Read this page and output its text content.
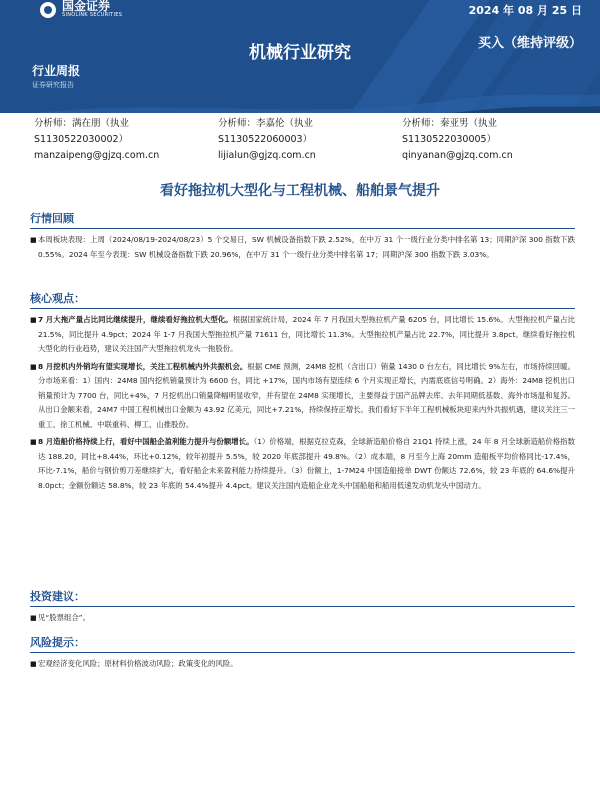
国金证券
SINOLINK SECURITIES	2024 年 08 月 25 日
机械行业研究	买入（维持评级）
行业周报
证券研究报告
分析师：满在朋（执业
S1130522030002）
manzaipeng@gjzq.com.cn
分析师：李嘉伦（执业
S1130522060003）
lijialun@gjzq.com.cn
分析师：秦亚男（执业
S1130522030005）
qinyanan@gjzq.com.cn
看好拖拉机大型化与工程机械、船舶景气提升
行情回顾
■ 本周板块表现：上周（2024/08/19-2024/08/23）5 个交易日，SW 机械设备指数下跌 2.52%，在中万 31 个一级行业分类中排名第 13；同期沪深 300 指数下跌 0.55%。2024 年至今表现：SW 机械设备指数下跌 20.96%，在中万 31 个一级行业分类中排名第 17；同期沪深 300 指数下跌 3.03%。
核心观点：
■ 7 月大拖产量占比同比继续提升，继续看好拖拉机大型化。根据国家统计局，2024 年 7 月我国大型拖拉机产量 6205 台，同比增长 15.6%。大型拖拉机产量占比 21.5%，同比提升 4.9pct；2024 年 1-7 月我国大型拖拉机产量 71611 台，同比增长 11.3%。大型拖拉机产量占比 22.7%，同比提升 3.8pct。继续看好拖拉机大型化的行业趋势，建议关注国产大型拖拉机龙头一拖股份。
■ 8 月挖机内外销均有望实现增长，关注工程机械内外共振机会。根据 CME 预测，24M8 挖机（含出口）销量 1430 0 台左右，同比增长 9%左右，市场持续回暖。分市场来看：1）国内：24M8 国内挖机销量预计为 6600 台，同比 +17%，国内市场有望连续 6 个月实现正增长，内需底底信号明确。2）海外：24M8 挖机出口销量预计为 7700 台，同比+4%，7 月挖机出口销量降幅明显收窄，并有望在 24M8 实现增长，主要得益于国产品牌去库、去年同期低基数、海外市场温和复苏。从出口金额来看，24M7 中国工程机械出口金额为 43.92 亿美元，同比+7.21%，持续保持正增长。我们看好下半年工程机械板块迎来内外共振机遇，建议关注三一重工、徐工机械、中联重科、柳工、山推股份。
■ 8 月造船价格持续上行，看好中国船企盈利能力提升与份额增长。（1）价格端，根据克拉克森，全球新造船价格自 21Q1 持续上涨，24 年 8 月全球新造船价格指数达 188.20，同比+8.44%，环比+0.12%，较年初提升 5.5%，较 2020 年底部提升 49.8%。（2）成本端，8 月至今上海 20mm 造船板平均价格同比-17.4%，环比-7.1%，船价与钢价剪刀差继续扩大，看好船企未来盈利能力持续提升。（3）份额上，1-7M24 中国造船接单 DWT 份额达 72.6%，较 23 年底的 64.6%提升 8.0pct；金额份额达 58.8%，较 23 年底的 54.4%提升 4.4pct。建议关注国内造船企业龙头中国船舶和船用低速发动机龙头中国动力。
投资建议：
■ 见“股票组合”。
风险提示：
■ 宏观经济变化风险；原材料价格波动风险；政策变化的风险。
